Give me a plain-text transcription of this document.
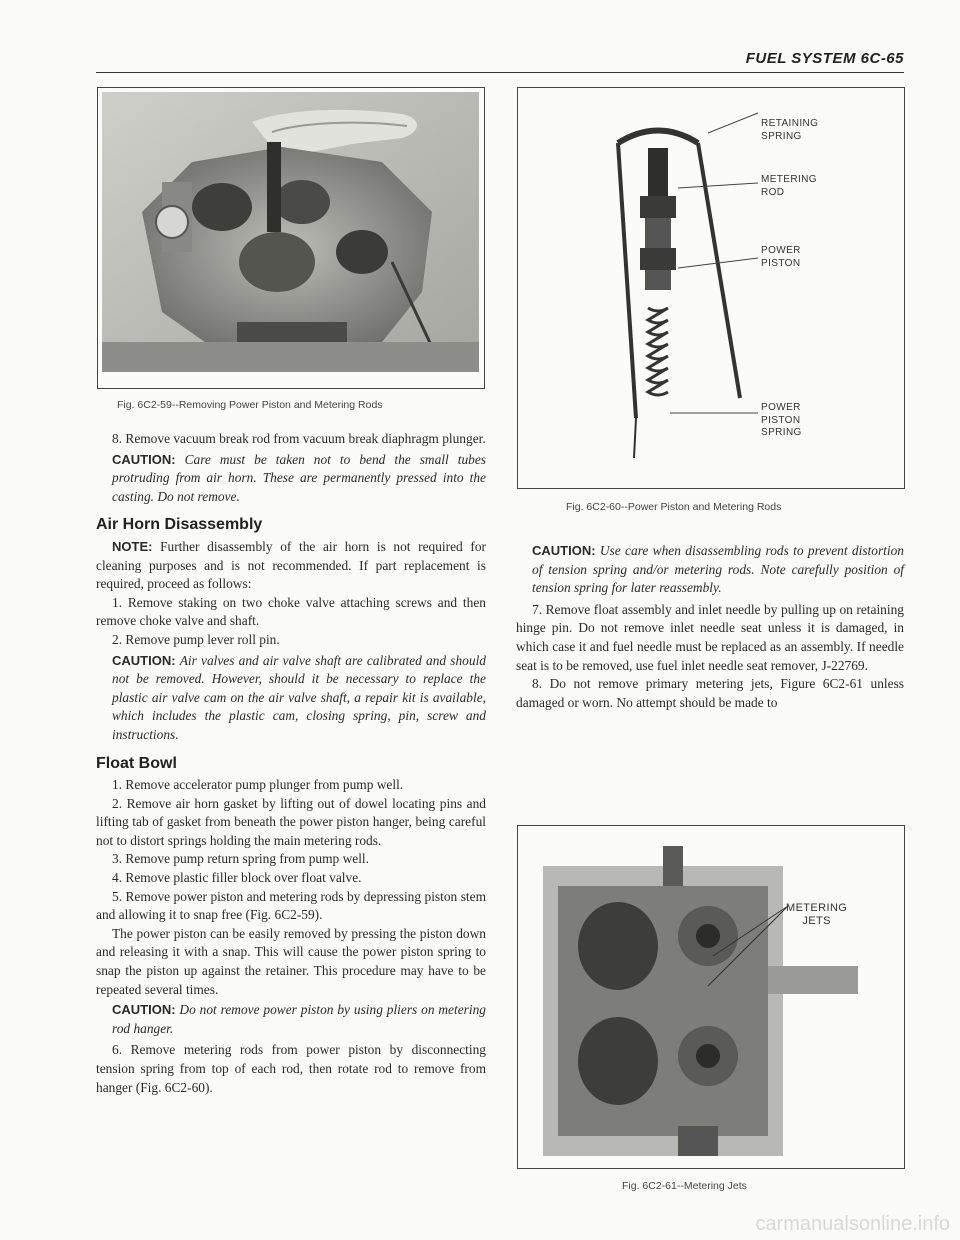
FUEL SYSTEM 6C-65
Fig. 6C2-59--Removing Power Piston and Metering Rods
RETAINING
SPRING
METERING
ROD
POWER
PISTON
POWER
PISTON
SPRING
Fig. 6C2-60--Power Piston and Metering Rods
METERING
JETS
Fig. 6C2-61--Metering Jets

8. Remove vacuum break rod from vacuum break diaphragm plunger.

CAUTION: Care must be taken not to bend the small tubes protruding from air horn. These are permanently pressed into the casting. Do not remove.

Air Horn Disassembly

NOTE: Further disassembly of the air horn is not required for cleaning purposes and is not recommended. If part replacement is required, proceed as follows:

1. Remove staking on two choke valve attaching screws and then remove choke valve and shaft.

2. Remove pump lever roll pin.

CAUTION: Air valves and air valve shaft are calibrated and should not be removed. However, should it be necessary to replace the plastic air valve cam on the air valve shaft, a repair kit is available, which includes the plastic cam, closing spring, pin, screw and instructions.

Float Bowl

1. Remove accelerator pump plunger from pump well.

2. Remove air horn gasket by lifting out of dowel locating pins and lifting tab of gasket from beneath the power piston hanger, being careful not to distort springs holding the main metering rods.

3. Remove pump return spring from pump well.

4. Remove plastic filler block over float valve.

5. Remove power piston and metering rods by depressing piston stem and allowing it to snap free (Fig. 6C2-59).

The power piston can be easily removed by pressing the piston down and releasing it with a snap. This will cause the power piston spring to snap the piston up against the retainer. This procedure may have to be repeated several times.

CAUTION: Do not remove power piston by using pliers on metering rod hanger.

6. Remove metering rods from power piston by disconnecting tension spring from top of each rod, then rotate rod to remove from hanger (Fig. 6C2-60).

CAUTION: Use care when disassembling rods to prevent distortion of tension spring and/or metering rods. Note carefully position of tension spring for later reassembly.

7. Remove float assembly and inlet needle by pulling up on retaining hinge pin. Do not remove inlet needle seat unless it is damaged, in which case it and fuel needle must be replaced as an assembly. If needle seat is to be removed, use fuel inlet needle seat remover, J-22769.

8. Do not remove primary metering jets, Figure 6C2-61 unless damaged or worn. No attempt should be made to

carmanualsonline.info
